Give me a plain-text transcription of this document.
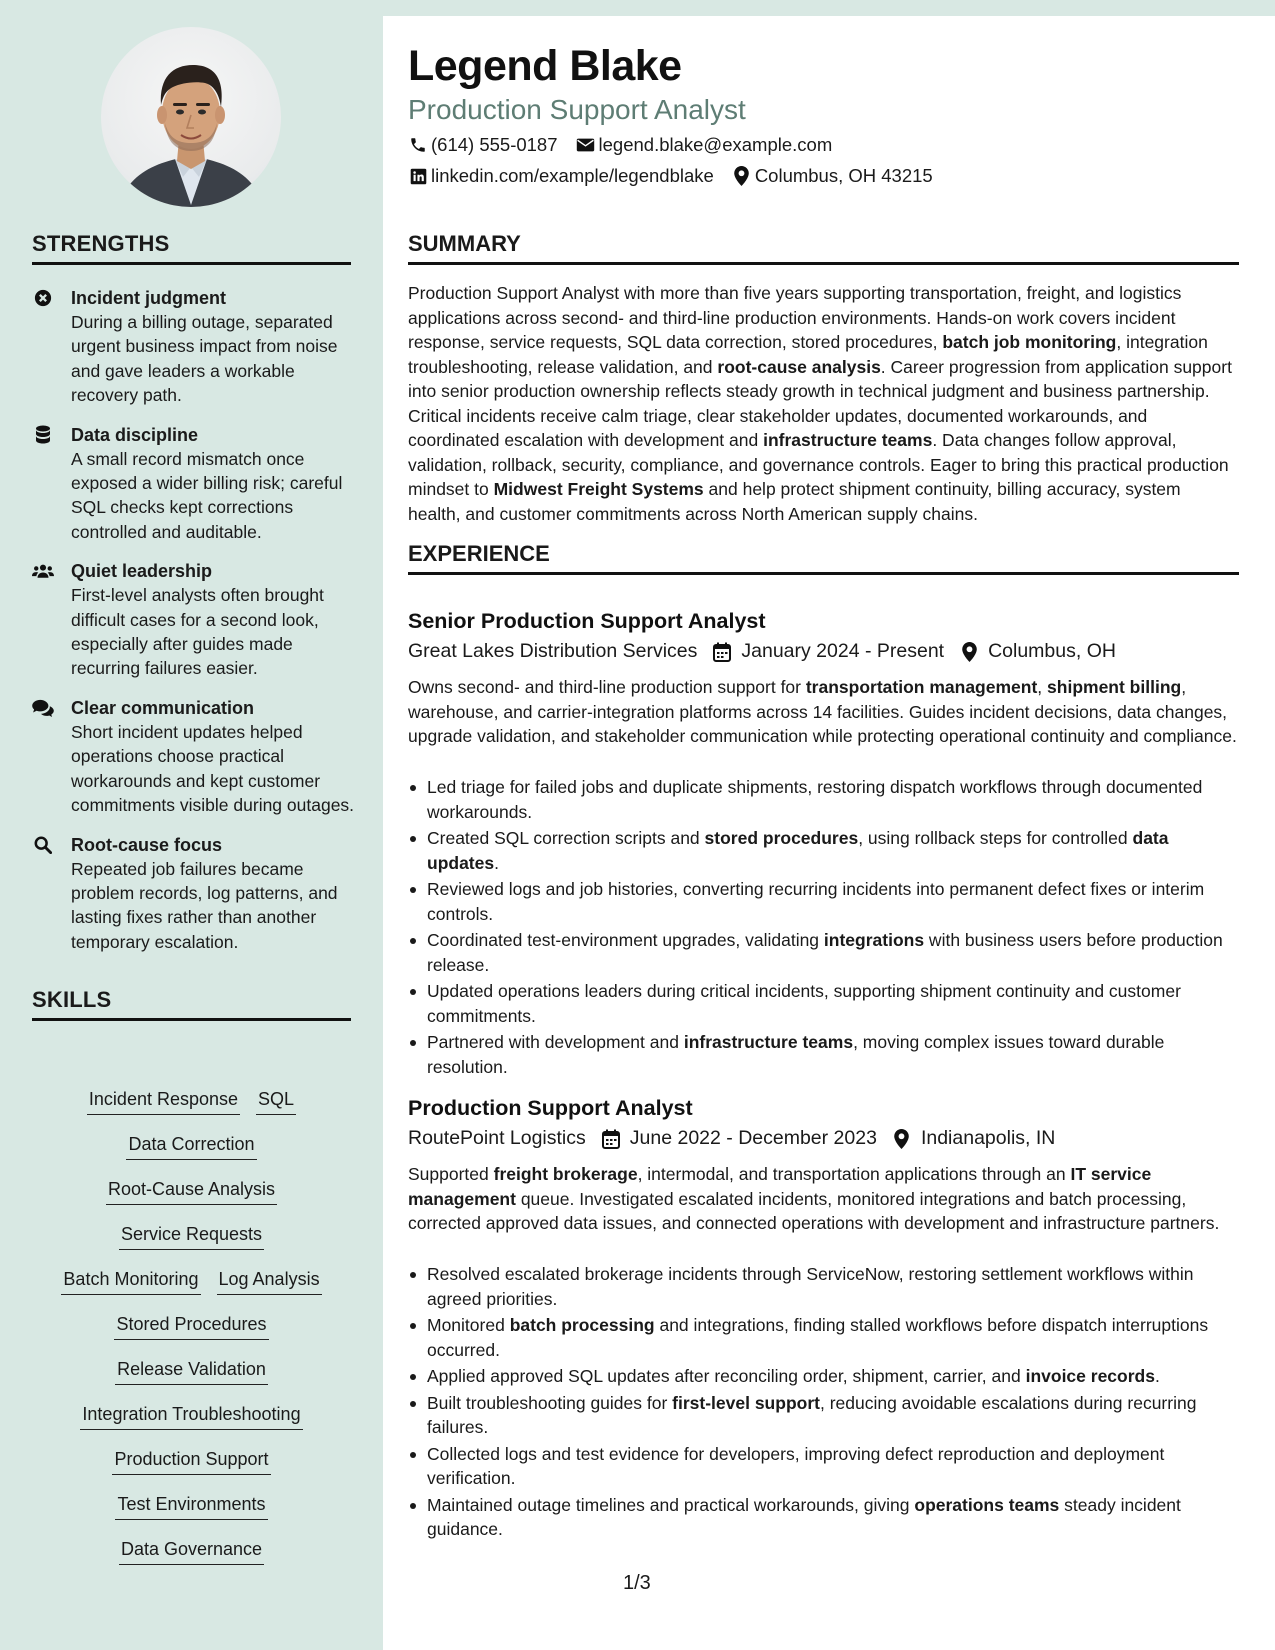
Legend Blake
Production Support Analyst
(614) 555-0187 legend.blake@example.com
linkedin.com/example/legendblake Columbus, OH 43215
STRENGTHS
Incident judgment
During a billing outage, separated urgent business impact from noise and gave leaders a workable recovery path.
Data discipline
A small record mismatch once exposed a wider billing risk; careful SQL checks kept corrections controlled and auditable.
Quiet leadership
First-level analysts often brought difficult cases for a second look, especially after guides made recurring failures easier.
Clear communication
Short incident updates helped operations choose practical workarounds and kept customer commitments visible during outages.
Root-cause focus
Repeated job failures became problem records, log patterns, and lasting fixes rather than another temporary escalation.
SKILLS
Incident Response SQL
Data Correction
Root-Cause Analysis
Service Requests
Batch Monitoring Log Analysis
Stored Procedures
Release Validation
Integration Troubleshooting
Production Support
Test Environments
Data Governance
SUMMARY
Production Support Analyst with more than five years supporting transportation, freight, and logistics applications across second- and third-line production environments. Hands-on work covers incident response, service requests, SQL data correction, stored procedures, batch job monitoring, integration troubleshooting, release validation, and root-cause analysis. Career progression from application support into senior production ownership reflects steady growth in technical judgment and business partnership. Critical incidents receive calm triage, clear stakeholder updates, documented workarounds, and coordinated escalation with development and infrastructure teams. Data changes follow approval, validation, rollback, security, compliance, and governance controls. Eager to bring this practical production mindset to Midwest Freight Systems and help protect shipment continuity, billing accuracy, system health, and customer commitments across North American supply chains.
EXPERIENCE
Senior Production Support Analyst
Great Lakes Distribution Services January 2024 - Present Columbus, OH
Owns second- and third-line production support for transportation management, shipment billing, warehouse, and carrier-integration platforms across 14 facilities. Guides incident decisions, data changes, upgrade validation, and stakeholder communication while protecting operational continuity and compliance.
Led triage for failed jobs and duplicate shipments, restoring dispatch workflows through documented workarounds.
Created SQL correction scripts and stored procedures, using rollback steps for controlled data updates.
Reviewed logs and job histories, converting recurring incidents into permanent defect fixes or interim controls.
Coordinated test-environment upgrades, validating integrations with business users before production release.
Updated operations leaders during critical incidents, supporting shipment continuity and customer commitments.
Partnered with development and infrastructure teams, moving complex issues toward durable resolution.
Production Support Analyst
RoutePoint Logistics June 2022 - December 2023 Indianapolis, IN
Supported freight brokerage, intermodal, and transportation applications through an IT service management queue. Investigated escalated incidents, monitored integrations and batch processing, corrected approved data issues, and connected operations with development and infrastructure partners.
Resolved escalated brokerage incidents through ServiceNow, restoring settlement workflows within agreed priorities.
Monitored batch processing and integrations, finding stalled workflows before dispatch interruptions occurred.
Applied approved SQL updates after reconciling order, shipment, carrier, and invoice records.
Built troubleshooting guides for first-level support, reducing avoidable escalations during recurring failures.
Collected logs and test evidence for developers, improving defect reproduction and deployment verification.
Maintained outage timelines and practical workarounds, giving operations teams steady incident guidance.
1/3
